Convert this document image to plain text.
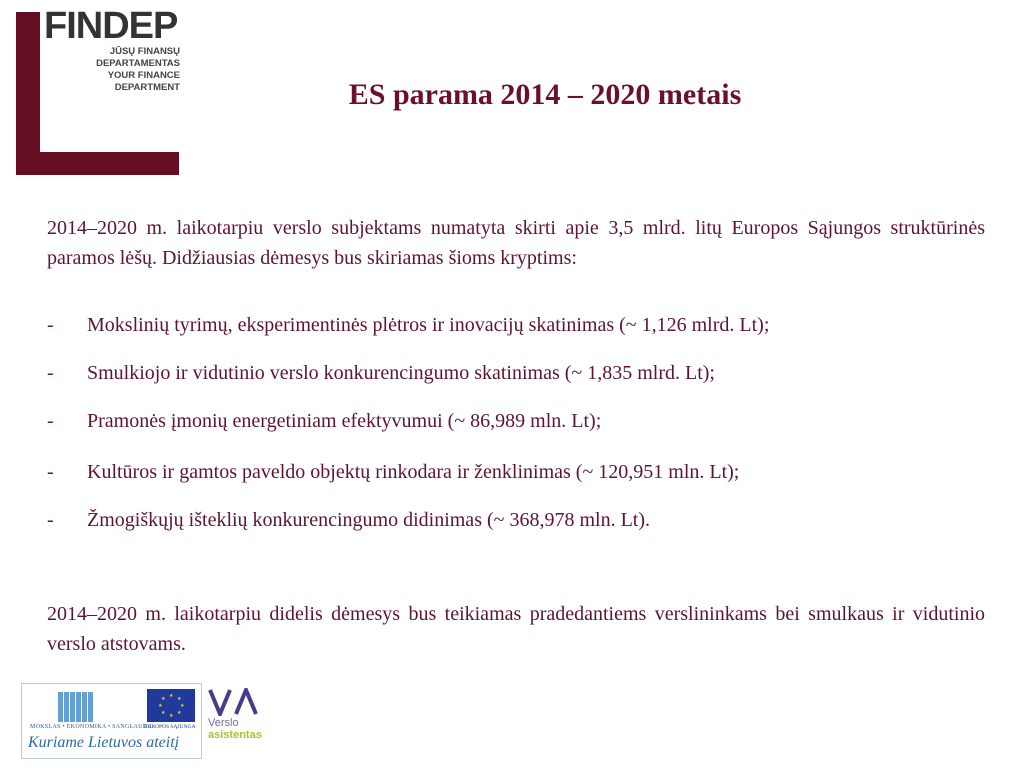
FINDEP
JŪSŲ FINANSŲ
DEPARTAMENTAS
YOUR FINANCE
DEPARTMENT	ES parama 2014 – 2020 metais
2014–2020 m. laikotarpiu verslo subjektams numatyta skirti apie 3,5 mlrd. litų Europos Sąjungos struktūrinės paramos lėšų. Didžiausias dėmesys bus skiriamas šioms kryptims:
- Mokslinių tyrimų, eksperimentinės plėtros ir inovacijų skatinimas (~ 1,126 mlrd. Lt);
- Smulkiojo ir vidutinio verslo konkurencingumo skatinimas (~ 1,835 mlrd. Lt);
- Pramonės įmonių energetiniam efektyvumui (~ 86,989 mln. Lt);
- Kultūros ir gamtos paveldo objektų rinkodara ir ženklinimas (~ 120,951 mln. Lt);
- Žmogiškųjų išteklių konkurencingumo didinimas (~ 368,978 mln. Lt).
2014–2020 m. laikotarpiu didelis dėmesys bus teikiamas pradedantiems verslininkams bei smulkaus ir vidutinio verslo atstovams.
★
★
★
★
★
★
★
★
MOKSLAS • EKONOMIKA • SANGLAUDA
EUROPOS SĄJUNGA
Kuriame Lietuvos ateitį
Verslo
asistentas
